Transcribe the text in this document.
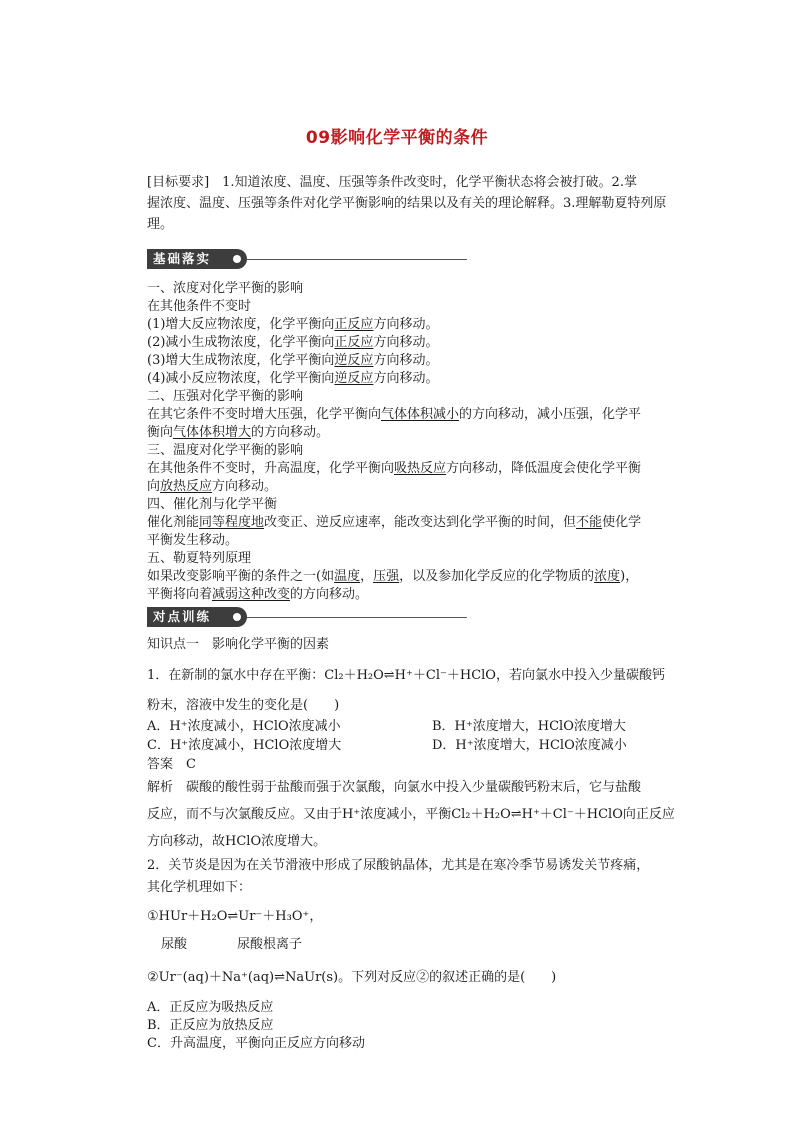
09影响化学平衡的条件
[目标要求]　1.知道浓度、温度、压强等条件改变时，化学平衡状态将会被打破。2.掌
握浓度、温度、压强等条件对化学平衡影响的结果以及有关的理论解释。3.理解勒夏特列原
理。
基础落实
一、浓度对化学平衡的影响
在其他条件不变时
(1)增大反应物浓度，化学平衡向正反应方向移动。
(2)减小生成物浓度，化学平衡向正反应方向移动。
(3)增大生成物浓度，化学平衡向逆反应方向移动。
(4)减小反应物浓度，化学平衡向逆反应方向移动。
二、压强对化学平衡的影响
在其它条件不变时增大压强，化学平衡向气体体积减小的方向移动，减小压强，化学平
衡向气体体积增大的方向移动。
三、温度对化学平衡的影响
在其他条件不变时，升高温度，化学平衡向吸热反应方向移动，降低温度会使化学平衡
向放热反应方向移动。
四、催化剂与化学平衡
催化剂能同等程度地改变正、逆反应速率，能改变达到化学平衡的时间，但不能使化学
平衡发生移动。
五、勒夏特列原理
如果改变影响平衡的条件之一(如温度，压强，以及参加化学反应的化学物质的浓度)，
平衡将向着减弱这种改变的方向移动。
对点训练
知识点一　影响化学平衡的因素
1．在新制的氯水中存在平衡：Cl₂＋H₂O⇌H⁺＋Cl⁻＋HClO，若向氯水中投入少量碳酸钙
粉末，溶液中发生的变化是(　　)
A．H⁺浓度减小，HClO浓度减小	B．H⁺浓度增大，HClO浓度增大
C．H⁺浓度减小，HClO浓度增大	D．H⁺浓度增大，HClO浓度减小
答案　C
解析　碳酸的酸性弱于盐酸而强于次氯酸，向氯水中投入少量碳酸钙粉末后，它与盐酸
反应，而不与次氯酸反应。又由于H⁺浓度减小，平衡Cl₂＋H₂O⇌H⁺＋Cl⁻＋HClO向正反应
方向移动，故HClO浓度增大。
2．关节炎是因为在关节滑液中形成了尿酸钠晶体，尤其是在寒冷季节易诱发关节疼痛，
其化学机理如下：
①HUr＋H₂O⇌Ur⁻＋H₃O⁺，
尿酸	尿酸根离子
②Ur⁻(aq)＋Na⁺(aq)⇌NaUr(s)。下列对反应②的叙述正确的是(　　)
A．正反应为吸热反应
B．正反应为放热反应
C．升高温度，平衡向正反应方向移动
